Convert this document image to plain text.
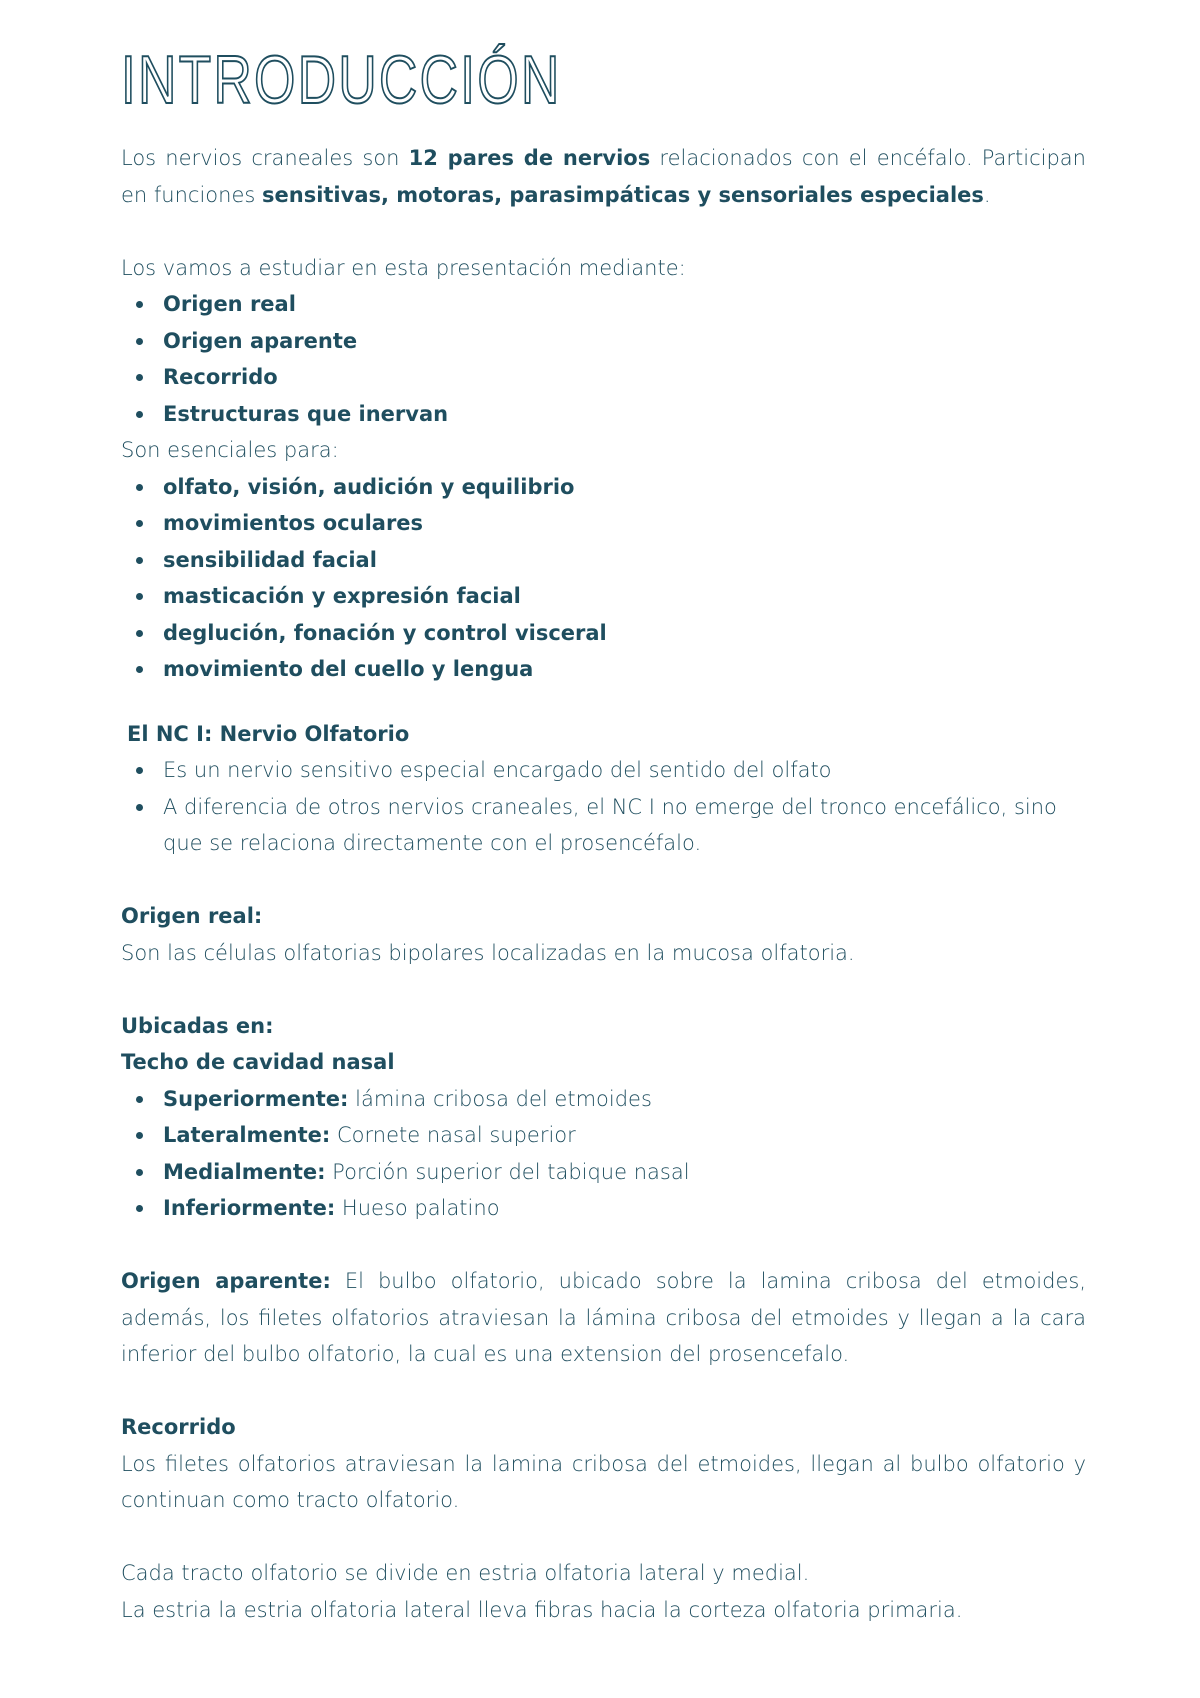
INTRODUCCIÓN

Los nervios craneales son 12 pares de nervios relacionados con el encéfalo. Participan en funciones sensitivas, motoras, parasimpáticas y sensoriales especiales.

Los vamos a estudiar en esta presentación mediante:

Origen real
Origen aparente
Recorrido
Estructuras que inervan

Son esenciales para:

olfato, visión, audición y equilibrio
movimientos oculares
sensibilidad facial
masticación y expresión facial
deglución, fonación y control visceral
movimiento del cuello y lengua

El NC I: Nervio Olfatorio

Es un nervio sensitivo especial encargado del sentido del olfato
A diferencia de otros nervios craneales, el NC I no emerge del tronco encefálico, sino que se relaciona directamente con el prosencéfalo.

Origen real:

Son las células olfatorias bipolares localizadas en la mucosa olfatoria.

Ubicadas en:

Techo de cavidad nasal

Superiormente: lámina cribosa del etmoides
Lateralmente: Cornete nasal superior
Medialmente: Porción superior del tabique nasal
Inferiormente: Hueso palatino

Origen aparente: El bulbo olfatorio, ubicado sobre la lamina cribosa del etmoides, además, los filetes olfatorios atraviesan la lámina cribosa del etmoides y llegan a la cara inferior del bulbo olfatorio, la cual es una extension del prosencefalo.

Recorrido

Los filetes olfatorios atraviesan la lamina cribosa del etmoides, llegan al bulbo olfatorio y continuan como tracto olfatorio.

Cada tracto olfatorio se divide en estria olfatoria lateral y medial.

La estria la estria olfatoria lateral lleva fibras hacia la corteza olfatoria primaria.
